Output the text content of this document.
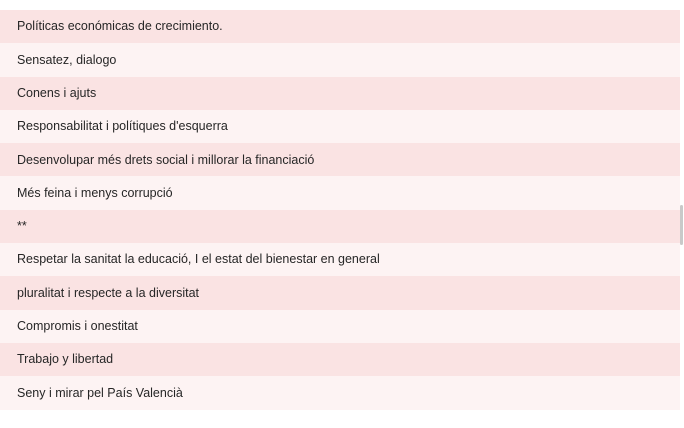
Políticas económicas de crecimiento.
Sensatez, dialogo
Conens i ajuts
Responsabilitat i polítiques d'esquerra
Desenvolupar més drets social i millorar la financiació
Més feina i menys corrupció
**
Respetar la sanitat la educació, I el estat del bienestar en general
pluralitat i respecte a la diversitat
Compromis i onestitat
Trabajo y libertad
Seny i mirar pel País Valencià
